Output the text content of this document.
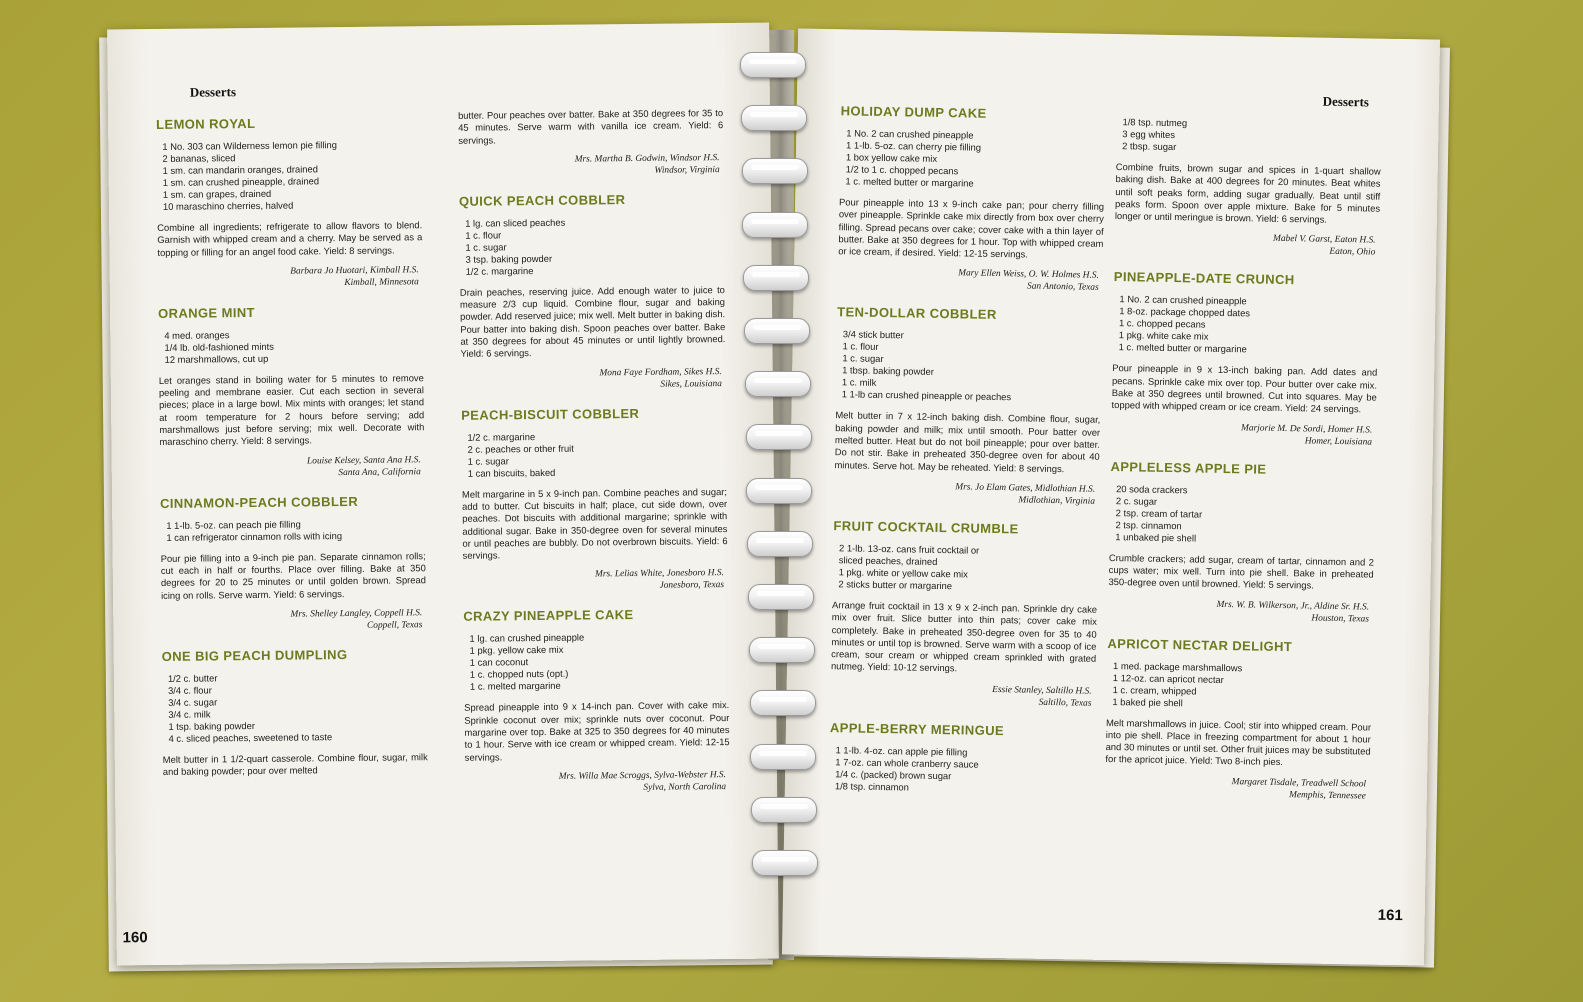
Desserts
LEMON ROYAL
1 No. 303 can Wilderness lemon pie filling
2 bananas, sliced
1 sm. can mandarin oranges, drained
1 sm. can crushed pineapple, drained
1 sm. can grapes, drained
10 maraschino cherries, halved
Combine all ingredients; refrigerate to allow flavors to blend. Garnish with whipped cream and a cherry. May be served as a topping or filling for an angel food cake. Yield: 8 servings.
Barbara Jo Huotari, Kimball H.S.
Kimball, Minnesota
ORANGE MINT
4 med. oranges
1/4 lb. old-fashioned mints
12 marshmallows, cut up
Let oranges stand in boiling water for 5 minutes to remove peeling and membrane easier. Cut each section in several pieces; place in a large bowl. Mix mints with oranges; let stand at room temperature for 2 hours before serving; add marshmallows just before serving; mix well. Decorate with maraschino cherry. Yield: 8 servings.
Louise Kelsey, Santa Ana H.S.
Santa Ana, California
CINNAMON-PEACH COBBLER
1 1-lb. 5-oz. can peach pie filling
1 can refrigerator cinnamon rolls with icing
Pour pie filling into a 9-inch pie pan. Separate cinnamon rolls; cut each in half or fourths. Place over filling. Bake at 350 degrees for 20 to 25 minutes or until golden brown. Spread icing on rolls. Serve warm. Yield: 6 servings.
Mrs. Shelley Langley, Coppell H.S.
Coppell, Texas
ONE BIG PEACH DUMPLING
1/2 c. butter
3/4 c. flour
3/4 c. sugar
3/4 c. milk
1 tsp. baking powder
4 c. sliced peaches, sweetened to taste
Melt butter in 1 1/2-quart casserole. Combine flour, sugar, milk and baking powder; pour over melted
butter. Pour peaches over batter. Bake at 350 degrees for 35 to 45 minutes. Serve warm with vanilla ice cream. Yield: 6 servings.
Mrs. Martha B. Godwin, Windsor H.S.
Windsor, Virginia
QUICK PEACH COBBLER
1 lg. can sliced peaches
1 c. flour
1 c. sugar
3 tsp. baking powder
1/2 c. margarine
Drain peaches, reserving juice. Add enough water to juice to measure 2/3 cup liquid. Combine flour, sugar and baking powder. Add reserved juice; mix well. Melt butter in baking dish. Pour batter into baking dish. Spoon peaches over batter. Bake at 350 degrees for about 45 minutes or until lightly browned. Yield: 6 servings.
Mona Faye Fordham, Sikes H.S.
Sikes, Louisiana
PEACH-BISCUIT COBBLER
1/2 c. margarine
2 c. peaches or other fruit
1 c. sugar
1 can biscuits, baked
Melt margarine in 5 x 9-inch pan. Combine peaches and sugar; add to butter. Cut biscuits in half; place, cut side down, over peaches. Dot biscuits with additional margarine; sprinkle with additional sugar. Bake in 350-degree oven for several minutes or until peaches are bubbly. Do not overbrown biscuits. Yield: 6 servings.
Mrs. Lelias White, Jonesboro H.S.
Jonesboro, Texas
CRAZY PINEAPPLE CAKE
1 lg. can crushed pineapple
1 pkg. yellow cake mix
1 can coconut
1 c. chopped nuts (opt.)
1 c. melted margarine
Spread pineapple into 9 x 14-inch pan. Cover with cake mix. Sprinkle coconut over mix; sprinkle nuts over coconut. Pour margarine over top. Bake at 325 to 350 degrees for 40 minutes to 1 hour. Serve with ice cream or whipped cream. Yield: 12-15 servings.
Mrs. Willa Mae Scroggs, Sylva-Webster H.S.
Sylva, North Carolina
160
Desserts
HOLIDAY DUMP CAKE
1 No. 2 can crushed pineapple
1 1-lb. 5-oz. can cherry pie filling
1 box yellow cake mix
1/2 to 1 c. chopped pecans
1 c. melted butter or margarine
Pour pineapple into 13 x 9-inch cake pan; pour cherry filling over pineapple. Sprinkle cake mix directly from box over cherry filling. Spread pecans over cake; cover cake with a thin layer of butter. Bake at 350 degrees for 1 hour. Top with whipped cream or ice cream, if desired. Yield: 12-15 servings.
Mary Ellen Weiss, O. W. Holmes H.S.
San Antonio, Texas
TEN-DOLLAR COBBLER
3/4 stick butter
1 c. flour
1 c. sugar
1 tbsp. baking powder
1 c. milk
1 1-lb can crushed pineapple or peaches
Melt butter in 7 x 12-inch baking dish. Combine flour, sugar, baking powder and milk; mix until smooth. Pour batter over melted butter. Heat but do not boil pineapple; pour over batter. Do not stir. Bake in preheated 350-degree oven for about 40 minutes. Serve hot. May be reheated. Yield: 8 servings.
Mrs. Jo Elam Gates, Midlothian H.S.
Midlothian, Virginia
FRUIT COCKTAIL CRUMBLE
2 1-lb. 13-oz. cans fruit cocktail or
sliced peaches, drained
1 pkg. white or yellow cake mix
2 sticks butter or margarine
Arrange fruit cocktail in 13 x 9 x 2-inch pan. Sprinkle dry cake mix over fruit. Slice butter into thin pats; cover cake mix completely. Bake in preheated 350-degree oven for 35 to 40 minutes or until top is browned. Serve warm with a scoop of ice cream, sour cream or whipped cream sprinkled with grated nutmeg. Yield: 10-12 servings.
Essie Stanley, Saltillo H.S.
Saltillo, Texas
APPLE-BERRY MERINGUE
1 1-lb. 4-oz. can apple pie filling
1 7-oz. can whole cranberry sauce
1/4 c. (packed) brown sugar
1/8 tsp. cinnamon
1/8 tsp. nutmeg
3 egg whites
2 tbsp. sugar
Combine fruits, brown sugar and spices in 1-quart shallow baking dish. Bake at 400 degrees for 20 minutes. Beat whites until soft peaks form, adding sugar gradually. Beat until stiff peaks form. Spoon over apple mixture. Bake for 5 minutes longer or until meringue is brown. Yield: 6 servings.
Mabel V. Garst, Eaton H.S.
Eaton, Ohio
PINEAPPLE-DATE CRUNCH
1 No. 2 can crushed pineapple
1 8-oz. package chopped dates
1 c. chopped pecans
1 pkg. white cake mix
1 c. melted butter or margarine
Pour pineapple in 9 x 13-inch baking pan. Add dates and pecans. Sprinkle cake mix over top. Pour butter over cake mix. Bake at 350 degrees until browned. Cut into squares. May be topped with whipped cream or ice cream. Yield: 24 servings.
Marjorie M. De Sordi, Homer H.S.
Homer, Louisiana
APPLELESS APPLE PIE
20 soda crackers
2 c. sugar
2 tsp. cream of tartar
2 tsp. cinnamon
1 unbaked pie shell
Crumble crackers; add sugar, cream of tartar, cinnamon and 2 cups water; mix well. Turn into pie shell. Bake in preheated 350-degree oven until browned. Yield: 5 servings.
Mrs. W. B. Wilkerson, Jr., Aldine Sr. H.S.
Houston, Texas
APRICOT NECTAR DELIGHT
1 med. package marshmallows
1 12-oz. can apricot nectar
1 c. cream, whipped
1 baked pie shell
Melt marshmallows in juice. Cool; stir into whipped cream. Pour into pie shell. Place in freezing compartment for about 1 hour and 30 minutes or until set. Other fruit juices may be substituted for the apricot juice. Yield: Two 8-inch pies.
Margaret Tisdale, Treadwell School
Memphis, Tennessee
161
